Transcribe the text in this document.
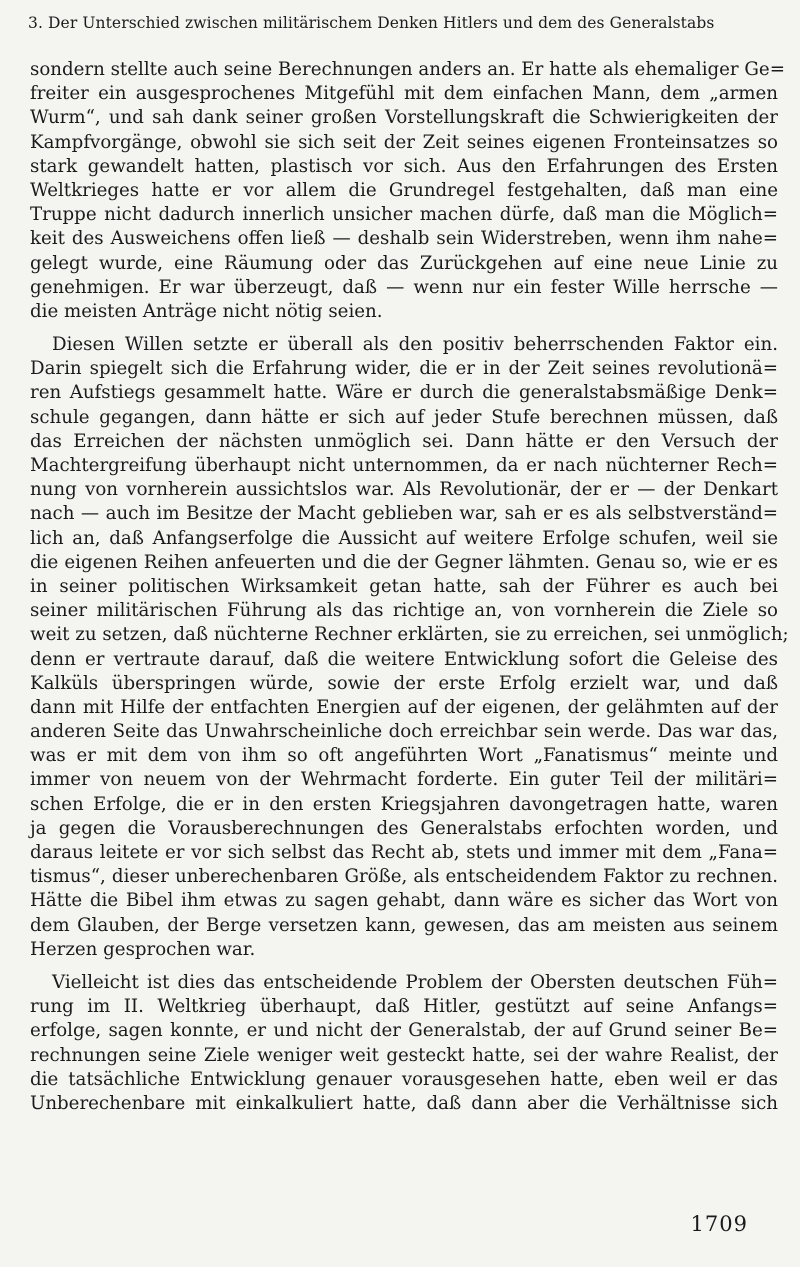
3. Der Unterschied zwischen militärischem Denken Hitlers und dem des Generalstabs
sondern stellte auch seine Berechnungen anders an. Er hatte als ehemaliger Ge=
freiter ein ausgesprochenes Mitgefühl mit dem einfachen Mann, dem „armen
Wurm“, und sah dank seiner großen Vorstellungskraft die Schwierigkeiten der
Kampfvorgänge, obwohl sie sich seit der Zeit seines eigenen Fronteinsatzes so
stark gewandelt hatten, plastisch vor sich. Aus den Erfahrungen des Ersten
Weltkrieges hatte er vor allem die Grundregel festgehalten, daß man eine
Truppe nicht dadurch innerlich unsicher machen dürfe, daß man die Möglich=
keit des Ausweichens offen ließ — deshalb sein Widerstreben, wenn ihm nahe=
gelegt wurde, eine Räumung oder das Zurückgehen auf eine neue Linie zu
genehmigen. Er war überzeugt, daß — wenn nur ein fester Wille herrsche —
die meisten Anträge nicht nötig seien.
Diesen Willen setzte er überall als den positiv beherrschenden Faktor ein.
Darin spiegelt sich die Erfahrung wider, die er in der Zeit seines revolutionä=
ren Aufstiegs gesammelt hatte. Wäre er durch die generalstabsmäßige Denk=
schule gegangen, dann hätte er sich auf jeder Stufe berechnen müssen, daß
das Erreichen der nächsten unmöglich sei. Dann hätte er den Versuch der
Machtergreifung überhaupt nicht unternommen, da er nach nüchterner Rech=
nung von vornherein aussichtslos war. Als Revolutionär, der er — der Denkart
nach — auch im Besitze der Macht geblieben war, sah er es als selbstverständ=
lich an, daß Anfangserfolge die Aussicht auf weitere Erfolge schufen, weil sie
die eigenen Reihen anfeuerten und die der Gegner lähmten. Genau so, wie er es
in seiner politischen Wirksamkeit getan hatte, sah der Führer es auch bei
seiner militärischen Führung als das richtige an, von vornherein die Ziele so
weit zu setzen, daß nüchterne Rechner erklärten, sie zu erreichen, sei unmöglich;
denn er vertraute darauf, daß die weitere Entwicklung sofort die Geleise des
Kalküls überspringen würde, sowie der erste Erfolg erzielt war, und daß
dann mit Hilfe der entfachten Energien auf der eigenen, der gelähmten auf der
anderen Seite das Unwahrscheinliche doch erreichbar sein werde. Das war das,
was er mit dem von ihm so oft angeführten Wort „Fanatismus“ meinte und
immer von neuem von der Wehrmacht forderte. Ein guter Teil der militäri=
schen Erfolge, die er in den ersten Kriegsjahren davongetragen hatte, waren
ja gegen die Vorausberechnungen des Generalstabs erfochten worden, und
daraus leitete er vor sich selbst das Recht ab, stets und immer mit dem „Fana=
tismus“, dieser unberechenbaren Größe, als entscheidendem Faktor zu rechnen.
Hätte die Bibel ihm etwas zu sagen gehabt, dann wäre es sicher das Wort von
dem Glauben, der Berge versetzen kann, gewesen, das am meisten aus seinem
Herzen gesprochen war.
Vielleicht ist dies das entscheidende Problem der Obersten deutschen Füh=
rung im II. Weltkrieg überhaupt, daß Hitler, gestützt auf seine Anfangs=
erfolge, sagen konnte, er und nicht der Generalstab, der auf Grund seiner Be=
rechnungen seine Ziele weniger weit gesteckt hatte, sei der wahre Realist, der
die tatsächliche Entwicklung genauer vorausgesehen hatte, eben weil er das
Unberechenbare mit einkalkuliert hatte, daß dann aber die Verhältnisse sich
1709
